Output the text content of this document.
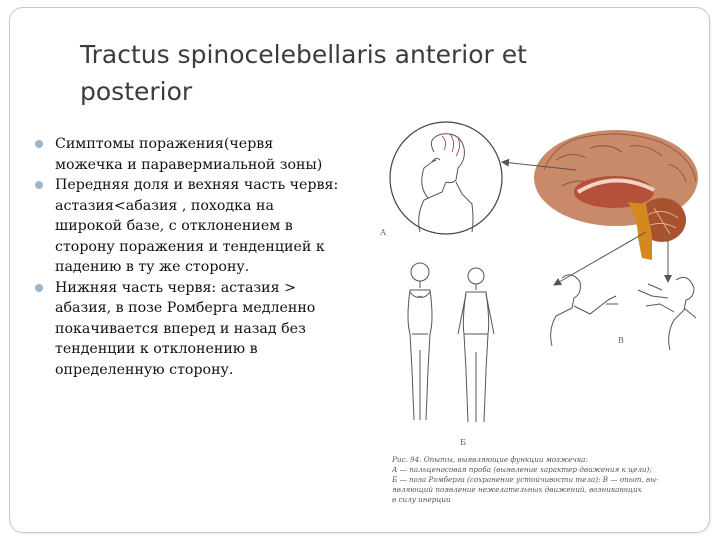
Tractus spinocelebellaris anterior et
posterior
Симптомы поражения(червя
можечка и паравермиальной зоны)
Передняя доля и вехняя часть червя:
астазия<абазия , походка на
широкой базе, с отклонением в
сторону поражения и тенденцией к
падению в ту же сторону.
Нижняя часть червя: астазия >
абазия, в позе Ромберга медленно
покачивается вперед и назад без
тенденции к отклонению в
определенную сторону.
А
Б
В
Рис. 94. Опыты, выявляющие функции мозжечка:
А — пальценосовая проба (выявление характер движения к цели);
Б — поза Ромберга (сохранение устойчивости тела); В — опыт, вы-
являющий появление нежелательных движений, возникающих
в силу инерции
